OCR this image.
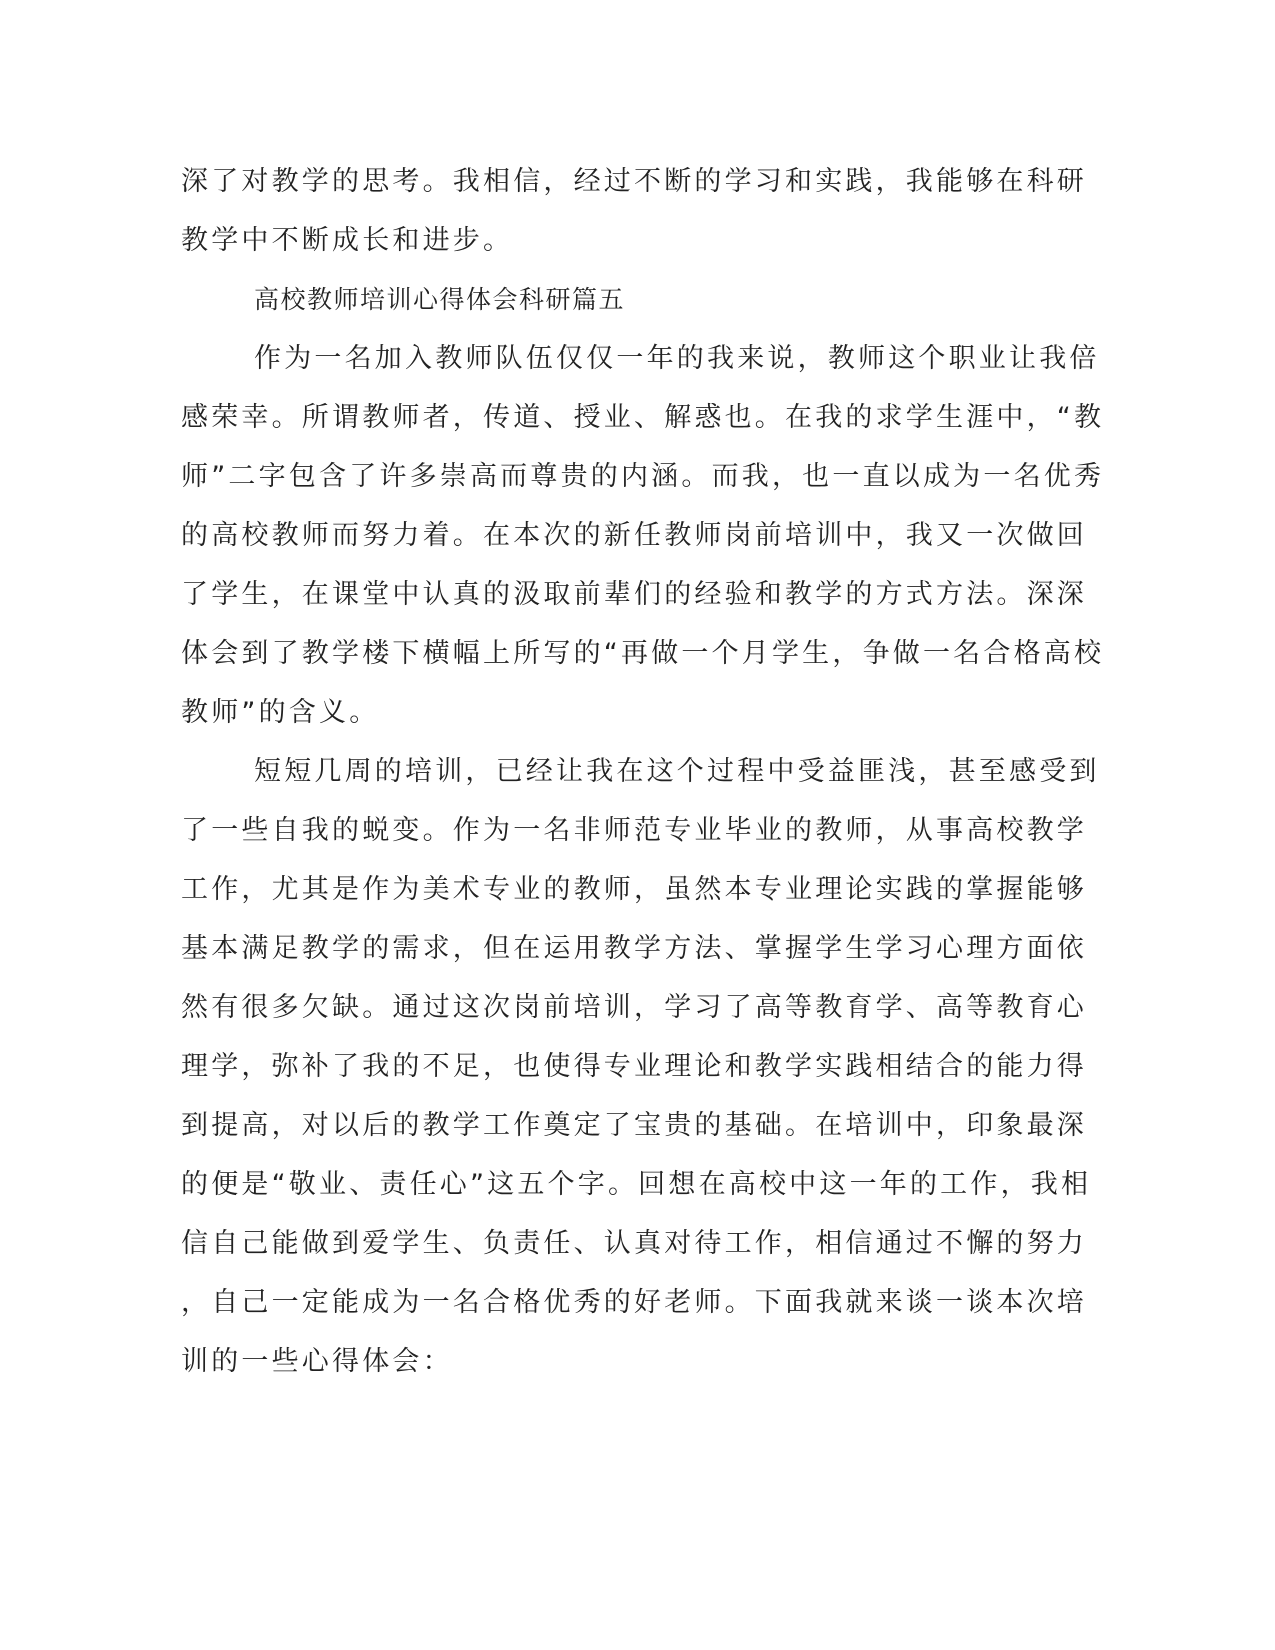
深了对教学的思考。我相信，经过不断的学习和实践，我能够在科研
教学中不断成长和进步。
高校教师培训心得体会科研篇五
作为一名加入教师队伍仅仅一年的我来说，教师这个职业让我倍
感荣幸。所谓教师者，传道、授业、解惑也。在我的求学生涯中，“教
师”二字包含了许多崇高而尊贵的内涵。而我，也一直以成为一名优秀
的高校教师而努力着。在本次的新任教师岗前培训中，我又一次做回
了学生，在课堂中认真的汲取前辈们的经验和教学的方式方法。深深
体会到了教学楼下横幅上所写的“再做一个月学生，争做一名合格高校
教师”的含义。
短短几周的培训，已经让我在这个过程中受益匪浅，甚至感受到
了一些自我的蜕变。作为一名非师范专业毕业的教师，从事高校教学
工作，尤其是作为美术专业的教师，虽然本专业理论实践的掌握能够
基本满足教学的需求，但在运用教学方法、掌握学生学习心理方面依
然有很多欠缺。通过这次岗前培训，学习了高等教育学、高等教育心
理学，弥补了我的不足，也使得专业理论和教学实践相结合的能力得
到提高，对以后的教学工作奠定了宝贵的基础。在培训中，印象最深
的便是“敬业、责任心”这五个字。回想在高校中这一年的工作，我相
信自己能做到爱学生、负责任、认真对待工作，相信通过不懈的努力
，自己一定能成为一名合格优秀的好老师。下面我就来谈一谈本次培
训的一些心得体会：
